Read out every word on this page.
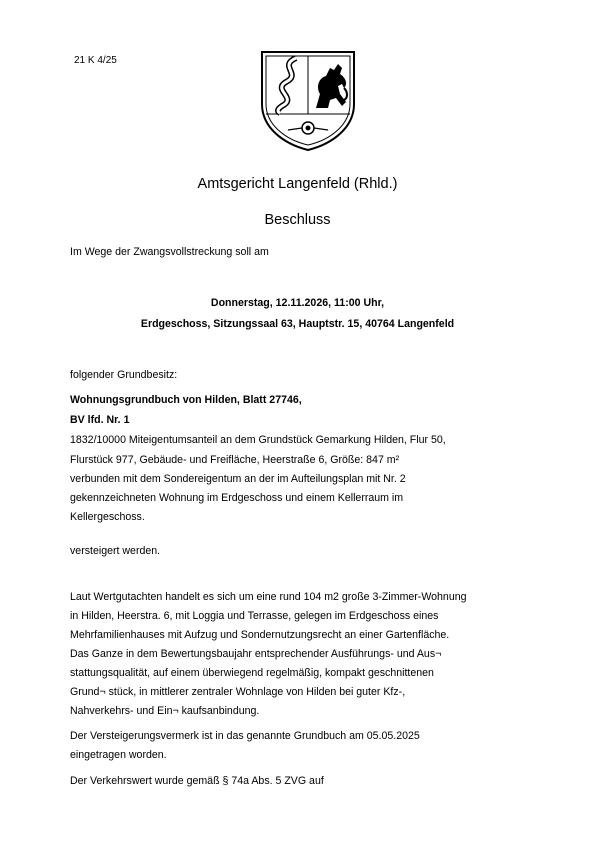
21 K 4/25
Amtsgericht Langenfeld (Rhld.)
Beschluss
Im Wege der Zwangsvollstreckung soll am
Donnerstag, 12.11.2026, 11:00 Uhr,
Erdgeschoss, Sitzungssaal 63, Hauptstr. 15, 40764 Langenfeld
folgender Grundbesitz:
Wohnungsgrundbuch von Hilden, Blatt 27746,
BV lfd. Nr. 1
1832/10000 Miteigentumsanteil an dem Grundstück Gemarkung Hilden, Flur 50,
Flurstück 977, Gebäude- und Freifläche, Heerstraße 6, Größe: 847 m²
verbunden mit dem Sondereigentum an der im Aufteilungsplan mit Nr. 2
gekennzeichneten Wohnung im Erdgeschoss und einem Kellerraum im
Kellergeschoss.
versteigert werden.
Laut Wertgutachten handelt es sich um eine rund 104 m2 große 3-Zimmer-Wohnung
in Hilden, Heerstra. 6, mit Loggia und Terrasse, gelegen im Erdgeschoss eines
Mehrfamilienhauses mit Aufzug und Sondernutzungsrecht an einer Gartenfläche.
Das Ganze in dem Bewertungsbaujahr entsprechender Ausführungs- und Aus¬
stattungsqualität, auf einem überwiegend regelmäßig, kompakt geschnittenen
Grund¬ stück, in mittlerer zentraler Wohnlage von Hilden bei guter Kfz-,
Nahverkehrs- und Ein¬ kaufsanbindung.
Der Versteigerungsvermerk ist in das genannte Grundbuch am 05.05.2025
eingetragen worden.
Der Verkehrswert wurde gemäß § 74a Abs. 5 ZVG auf
